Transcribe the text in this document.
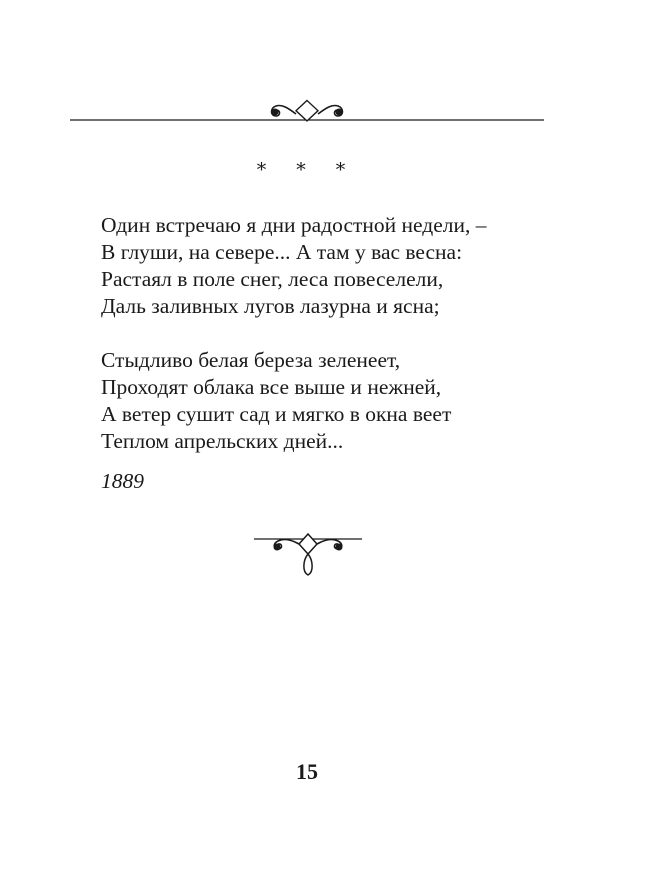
* * *
Один встречаю я дни радостной недели, –
В глуши, на севере... А там у вас весна:
Растаял в поле снег, леса повеселели,
Даль заливных лугов лазурна и ясна;
Стыдливо белая береза зеленеет,
Проходят облака все выше и нежней,
А ветер сушит сад и мягко в окна веет
Теплом апрельских дней...
1889
15
